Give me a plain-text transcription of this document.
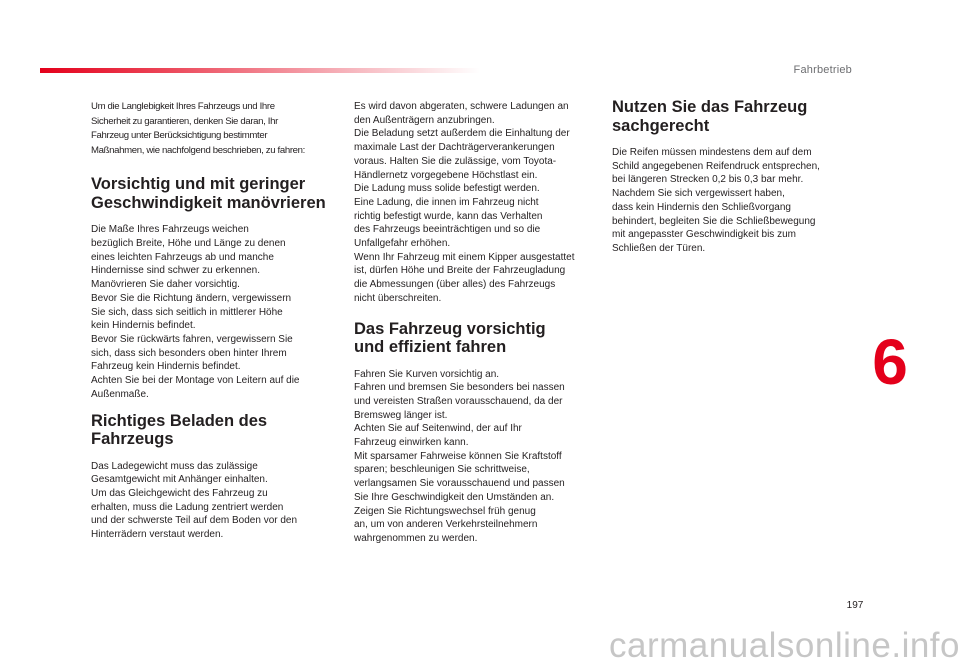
Fahrbetrieb

Um die Langlebigkeit Ihres Fahrzeugs und Ihre
Sicherheit zu garantieren, denken Sie daran, Ihr
Fahrzeug unter Berücksichtigung bestimmter
Maßnahmen, wie nachfolgend beschrieben, zu fahren:

Vorsichtig und mit geringer
Geschwindigkeit manövrieren

Die Maße Ihres Fahrzeugs weichen
bezüglich Breite, Höhe und Länge zu denen
eines leichten Fahrzeugs ab und manche
Hindernisse sind schwer zu erkennen.
Manövrieren Sie daher vorsichtig.
Bevor Sie die Richtung ändern, vergewissern
Sie sich, dass sich seitlich in mittlerer Höhe
kein Hindernis befindet.
Bevor Sie rückwärts fahren, vergewissern Sie
sich, dass sich besonders oben hinter Ihrem
Fahrzeug kein Hindernis befindet.
Achten Sie bei der Montage von Leitern auf die
Außenmaße.

Richtiges Beladen des
Fahrzeugs

Das Ladegewicht muss das zulässige
Gesamtgewicht mit Anhänger einhalten.
Um das Gleichgewicht des Fahrzeug zu
erhalten, muss die Ladung zentriert werden
und der schwerste Teil auf dem Boden vor den
Hinterrädern verstaut werden.

Es wird davon abgeraten, schwere Ladungen an
den Außenträgern anzubringen.
Die Beladung setzt außerdem die Einhaltung der
maximale Last der Dachträgerverankerungen
voraus. Halten Sie die zulässige, vom Toyota-
Händlernetz vorgegebene Höchstlast ein.
Die Ladung muss solide befestigt werden.
Eine Ladung, die innen im Fahrzeug nicht
richtig befestigt wurde, kann das Verhalten
des Fahrzeugs beeinträchtigen und so die
Unfallgefahr erhöhen.
Wenn Ihr Fahrzeug mit einem Kipper ausgestattet
ist, dürfen Höhe und Breite der Fahrzeugladung
die Abmessungen (über alles) des Fahrzeugs
nicht überschreiten.

Das Fahrzeug vorsichtig
und effizient fahren

Fahren Sie Kurven vorsichtig an.
Fahren und bremsen Sie besonders bei nassen
und vereisten Straßen vorausschauend, da der
Bremsweg länger ist.
Achten Sie auf Seitenwind, der auf Ihr
Fahrzeug einwirken kann.
Mit sparsamer Fahrweise können Sie Kraftstoff
sparen; beschleunigen Sie schrittweise,
verlangsamen Sie vorausschauend und passen
Sie Ihre Geschwindigkeit den Umständen an.
Zeigen Sie Richtungswechsel früh genug
an, um von anderen Verkehrsteilnehmern
wahrgenommen zu werden.

Nutzen Sie das Fahrzeug
sachgerecht

Die Reifen müssen mindestens dem auf dem
Schild angegebenen Reifendruck entsprechen,
bei längeren Strecken 0,2 bis 0,3 bar mehr.
Nachdem Sie sich vergewissert haben,
dass kein Hindernis den Schließvorgang
behindert, begleiten Sie die Schließbewegung
mit angepasster Geschwindigkeit bis zum
Schließen der Türen.

6
197
carmanualsonline.info
